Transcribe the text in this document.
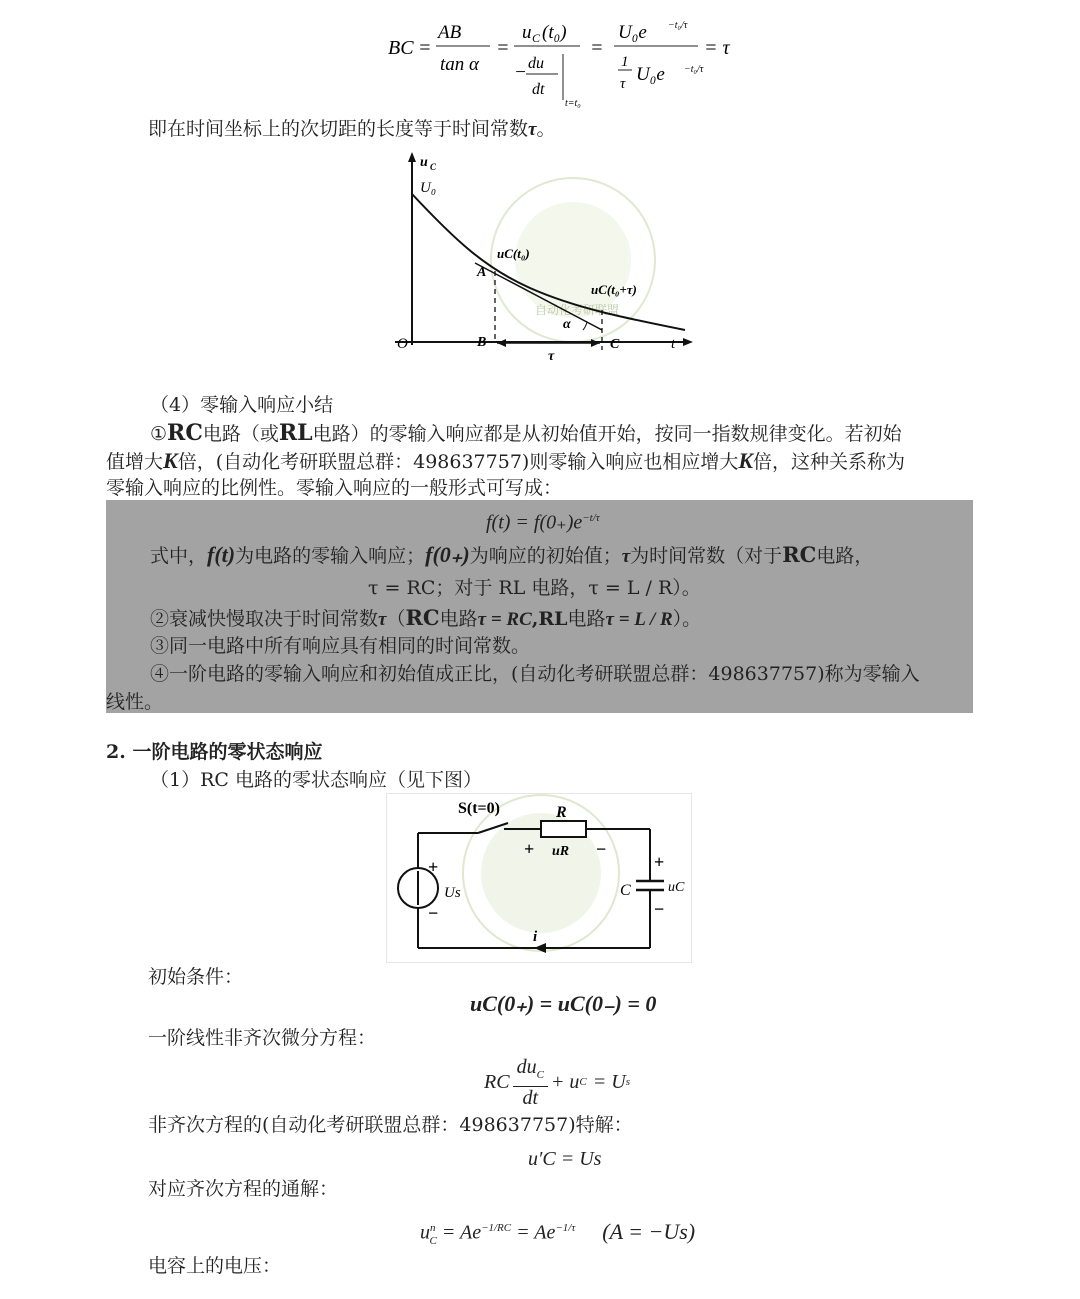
BC =
AB
tan α
=
u C (t₀)
− du
dt
t=t₀
=
U₀e −t₀/τ
1
τ U₀e −t₀/τ
= τ
即在时间坐标上的次切距的长度等于时间常数τ。
自动化考研联盟
u C
U₀
uC(t₀)
A
uC(t₀+τ)
α
O	B
τ
C	t
（4）零输入响应小结
①RC电路（或RL电路）的零输入响应都是从初始值开始，按同一指数规律变化。若初始
值增大K倍，(自动化考研联盟总群：498637757)则零输入响应也相应增大K倍，这种关系称为
零输入响应的比例性。零输入响应的一般形式可写成：
$f(t) = f(0_+)e^{-t/\tau}$
式中，f(t)为电路的零输入响应；f(0₊)为响应的初始值；τ为时间常数（对于RC电路，
τ = RC；对于 RL 电路，τ = L / R）。
②衰减快慢取决于时间常数τ（RC电路τ = RC,RL电路τ = L / R）。
③同一电路中所有响应具有相同的时间常数。
④一阶电路的零输入响应和初始值成正比，(自动化考研联盟总群：498637757)称为零输入
线性。
2. 一阶电路的零状态响应
（1）RC 电路的零状态响应（见下图）
S(t=0)	R
+ uR −
+
Us
−
+
C	uC
−
i
初始条件：
uC(0₊) = uC(0₋) = 0
一阶线性非齐次微分方程：
RC $\frac{du_C}{dt} + u$ C = U s
非齐次方程的(自动化考研联盟总群：498637757)特解：
u′C = Us
对应齐次方程的通解：
$u^n_C = Ae^{-1/RC} = Ae^{-1/\tau}$ (A = −Us)
电容上的电压：
